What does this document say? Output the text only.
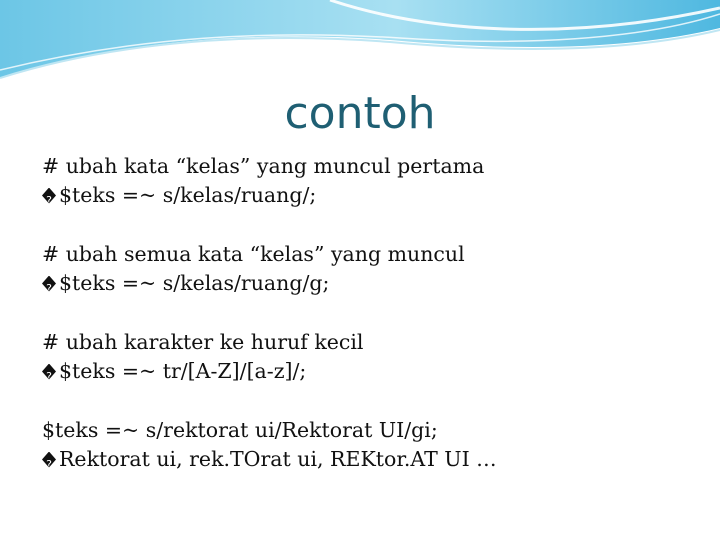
contoh
# ubah kata “kelas” yang muncul pertama
?
$teks =~ s/kelas/ruang/;
# ubah semua kata “kelas” yang muncul
?
$teks =~ s/kelas/ruang/g;
# ubah karakter ke huruf kecil
?
$teks =~ tr/[A-Z]/[a-z]/;
$teks =~ s/rektorat ui/Rektorat UI/gi;
?
Rektorat ui, rek.TOrat ui, REKtor.AT UI …
